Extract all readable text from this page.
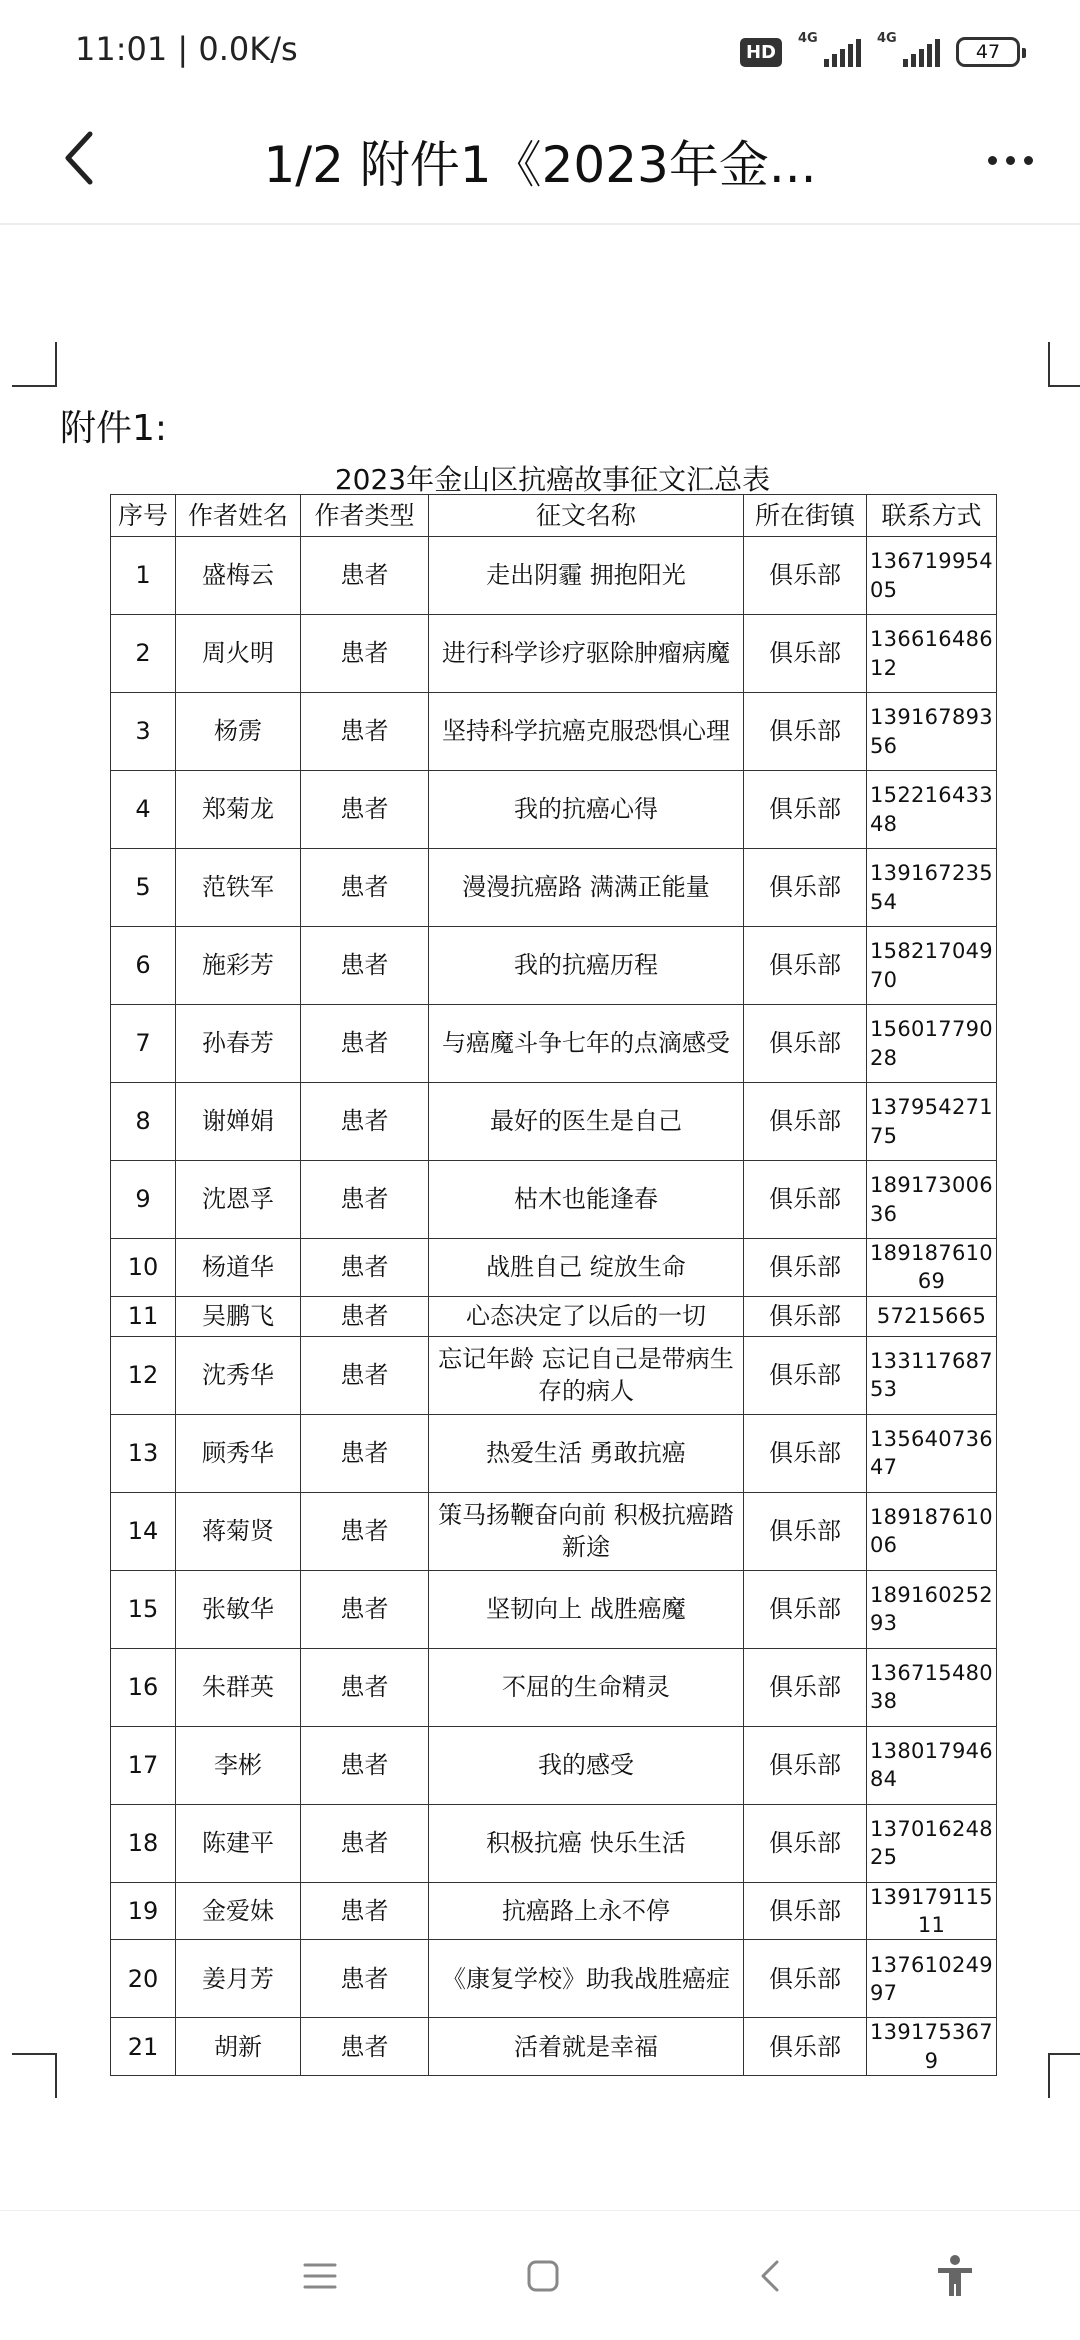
11:01 | 0.0K/s	HD
4G	4G
47
1/2 附件1《2023年金...
附件1:
2023年金山区抗癌故事征文汇总表
序号	作者姓名	作者类型	征文名称	所在街镇	联系方式
1	盛梅云	患者	走出阴霾 拥抱阳光	俱乐部	13671995405
2	周火明	患者	进行科学诊疗驱除肿瘤病魔	俱乐部	13661648612
3	杨雳	患者	坚持科学抗癌克服恐惧心理	俱乐部	13916789356
4	郑菊龙	患者	我的抗癌心得	俱乐部	15221643348
5	范铁军	患者	漫漫抗癌路 满满正能量	俱乐部	13916723554
6	施彩芳	患者	我的抗癌历程	俱乐部	15821704970
7	孙春芳	患者	与癌魔斗争七年的点滴感受	俱乐部	15601779028
8	谢婵娟	患者	最好的医生是自己	俱乐部	13795427175
9	沈恩孚	患者	枯木也能逢春	俱乐部	18917300636
10	杨道华	患者	战胜自己 绽放生命	俱乐部	18918761069
11	吴鹏飞	患者	心态决定了以后的一切	俱乐部	57215665
12	沈秀华	患者	忘记年龄 忘记自己是带病生存的病人	俱乐部	13311768753
13	顾秀华	患者	热爱生活 勇敢抗癌	俱乐部	13564073647
14	蒋菊贤	患者	策马扬鞭奋向前 积极抗癌踏新途	俱乐部	18918761006
15	张敏华	患者	坚韧向上 战胜癌魔	俱乐部	18916025293
16	朱群英	患者	不屈的生命精灵	俱乐部	13671548038
17	李彬	患者	我的感受	俱乐部	13801794684
18	陈建平	患者	积极抗癌 快乐生活	俱乐部	13701624825
19	金爱妹	患者	抗癌路上永不停	俱乐部	13917911511
20	姜月芳	患者	《康复学校》助我战胜癌症	俱乐部	13761024997
21	胡新	患者	活着就是幸福	俱乐部	1391753679
